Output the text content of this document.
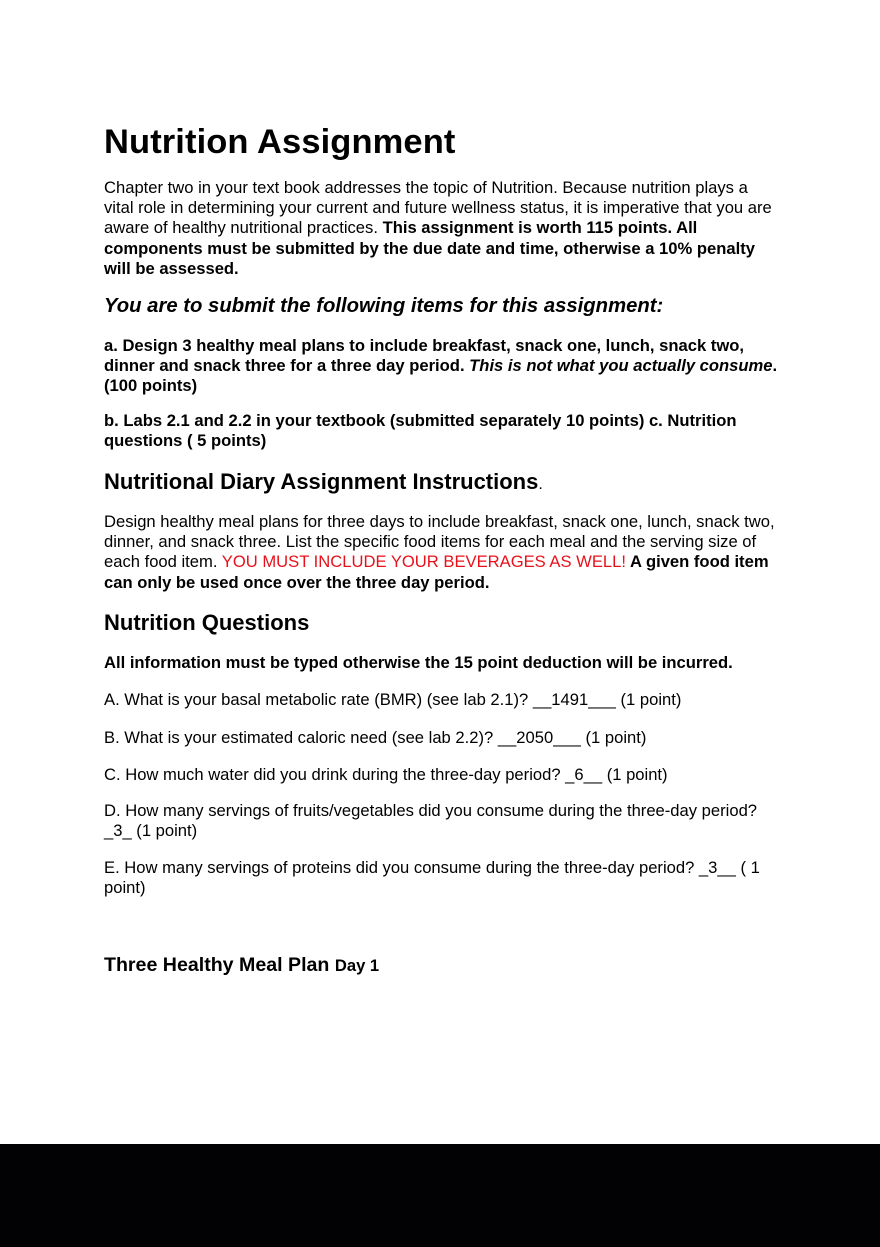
Nutrition Assignment

Chapter two in your text book addresses the topic of Nutrition. Because nutrition plays a vital role in determining your current and future wellness status, it is imperative that you are aware of healthy nutritional practices. This assignment is worth 115 points. All components must be submitted by the due date and time, otherwise a 10% penalty will be assessed.

You are to submit the following items for this assignment:

a. Design 3 healthy meal plans to include breakfast, snack one, lunch, snack two, dinner and snack three for a three day period. This is not what you actually consume. (100 points)

b. Labs 2.1 and 2.2 in your textbook (submitted separately 10 points) c. Nutrition questions ( 5 points)

Nutritional Diary Assignment Instructions.

Design healthy meal plans for three days to include breakfast, snack one, lunch, snack two, dinner, and snack three. List the specific food items for each meal and the serving size of each food item. YOU MUST INCLUDE YOUR BEVERAGES AS WELL! A given food item can only be used once over the three day period.

Nutrition Questions

All information must be typed otherwise the 15 point deduction will be incurred.

A. What is your basal metabolic rate (BMR) (see lab 2.1)? __1491___ (1 point)

B. What is your estimated caloric need (see lab 2.2)? __2050___ (1 point)

C. How much water did you drink during the three-day period? _6__ (1 point)

D. How many servings of fruits/vegetables did you consume during the three-day period? _3_ (1 point)

E. How many servings of proteins did you consume during the three-day period? _3__ ( 1 point)

Three Healthy Meal Plan Day 1
